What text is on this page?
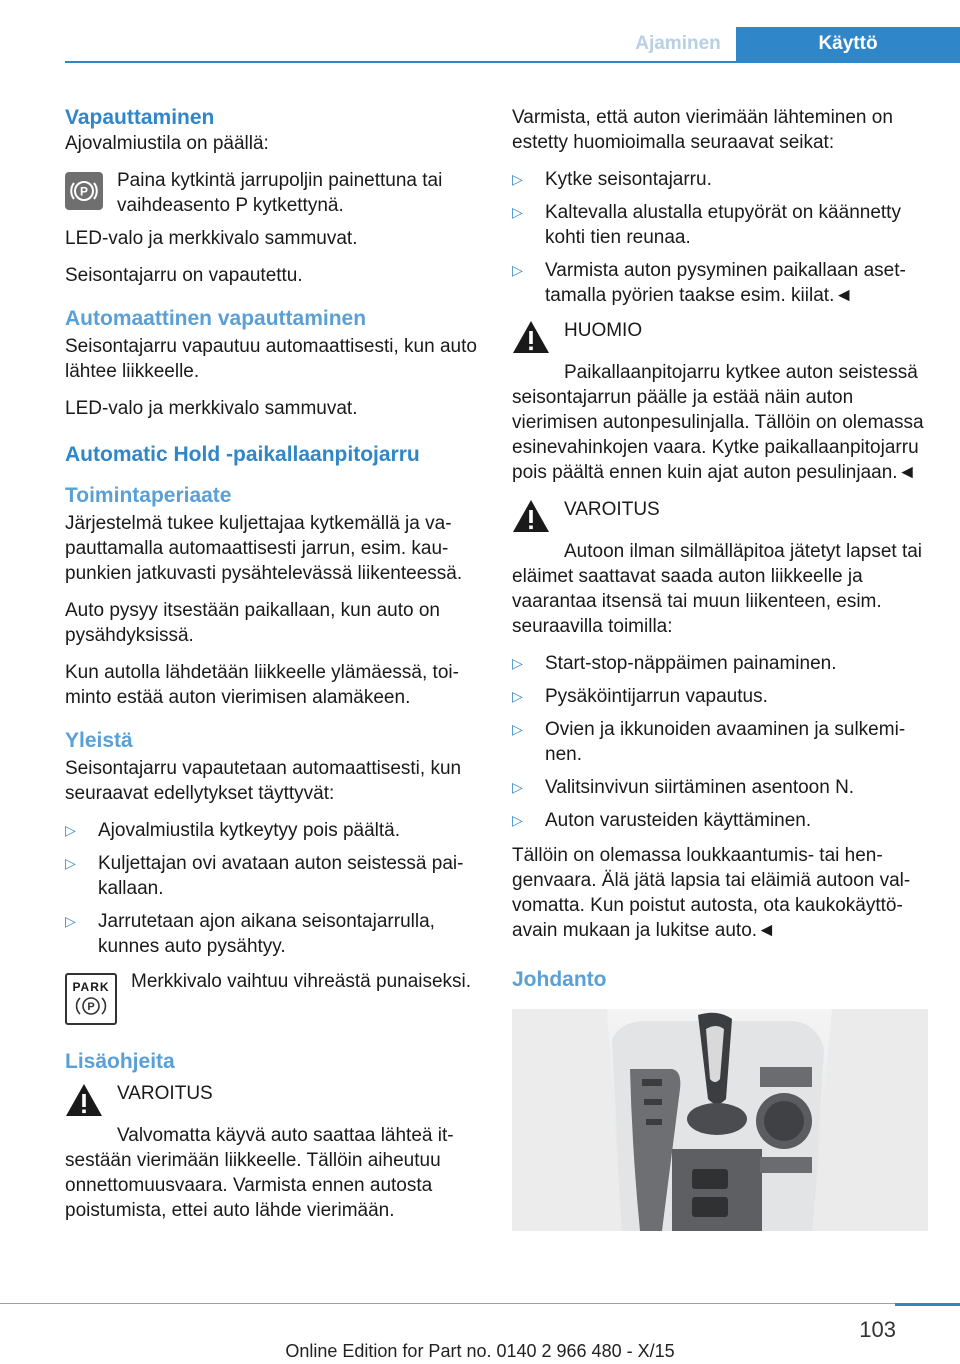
Ajaminen	Käyttö
Vapauttaminen

Ajovalmiustila on päällä:

P
Paina kytkintä jarrupoljin painettuna tai vaihdeasento P kytkettynä.

LED-valo ja merkkivalo sammuvat.

Seisontajarru on vapautettu.

Automaattinen vapauttaminen

Seisontajarru vapautuu automaattisesti, kun auto lähtee liikkeelle.

LED-valo ja merkkivalo sammuvat.

Automatic Hold -paikallaanpitojarru
Toimintaperiaate

Järjestelmä tukee kuljettajaa kytkemällä ja vapauttamalla automaattisesti jarrun, esim. kaupunkien jatkuvasti pysähtelevässä liikenteessä.

Auto pysyy itsestään paikallaan, kun auto on pysähdyksissä.

Kun autolla lähdetään liikkeelle ylämäessä, toiminto estää auton vierimisen alamäkeen.

Yleistä

Seisontajarru vapautetaan automaattisesti, kun seuraavat edellytykset täyttyvät:

▷ Ajovalmiustila kytkeytyy pois päältä.
▷ Kuljettajan ovi avataan auton seistessä paikallaan.
▷ Jarrutetaan ajon aikana seisontajarrulla, kunnes auto pysähtyy.
PARK
P
Merkkivalo vaihtuu vihreästä punaiseksi.
Lisäohjeita
VAROITUS
Valvomatta käyvä auto saattaa lähteä itsestään vierimään liikkeelle. Tällöin aiheutuu onnettomuusvaara. Varmista ennen autosta poistumista, ettei auto lähde vierimään.

Varmista, että auton vierimään lähteminen on estetty huomioimalla seuraavat seikat:

▷ Kytke seisontajarru.
▷ Kaltevalla alustalla etupyörät on käännetty kohti tien reunaa.
▷ Varmista auton pysyminen paikallaan asettamalla pyörien taakse esim. kiilat.◄
HUOMIO
Paikallaanpitojarru kytkee auton seistessä seisontajarrun päälle ja estää näin auton vierimisen autonpesulinjalla. Tällöin on olemassa esinevahinkojen vaara. Kytke paikallaanpitojarru pois päältä ennen kuin ajat auton pesulinjaan.◄
VAROITUS
Autoon ilman silmälläpitoa jätetyt lapset tai eläimet saattavat saada auton liikkeelle ja vaarantaa itsensä tai muun liikenteen, esim. seuraavilla toimilla:
▷ Start-stop-näppäimen painaminen.
▷ Pysäköintijarrun vapautus.
▷ Ovien ja ikkunoiden avaaminen ja sulkeminen.
▷ Valitsinvivun siirtäminen asentoon N.
▷ Auton varusteiden käyttäminen.

Tällöin on olemassa loukkaantumis- tai hengenvaara. Älä jätä lapsia tai eläimiä autoon valvomatta. Kun poistut autosta, ota kaukokäyttöavain mukaan ja lukitse auto.◄

Johdanto
103
Online Edition for Part no. 0140 2 966 480 - X/15
